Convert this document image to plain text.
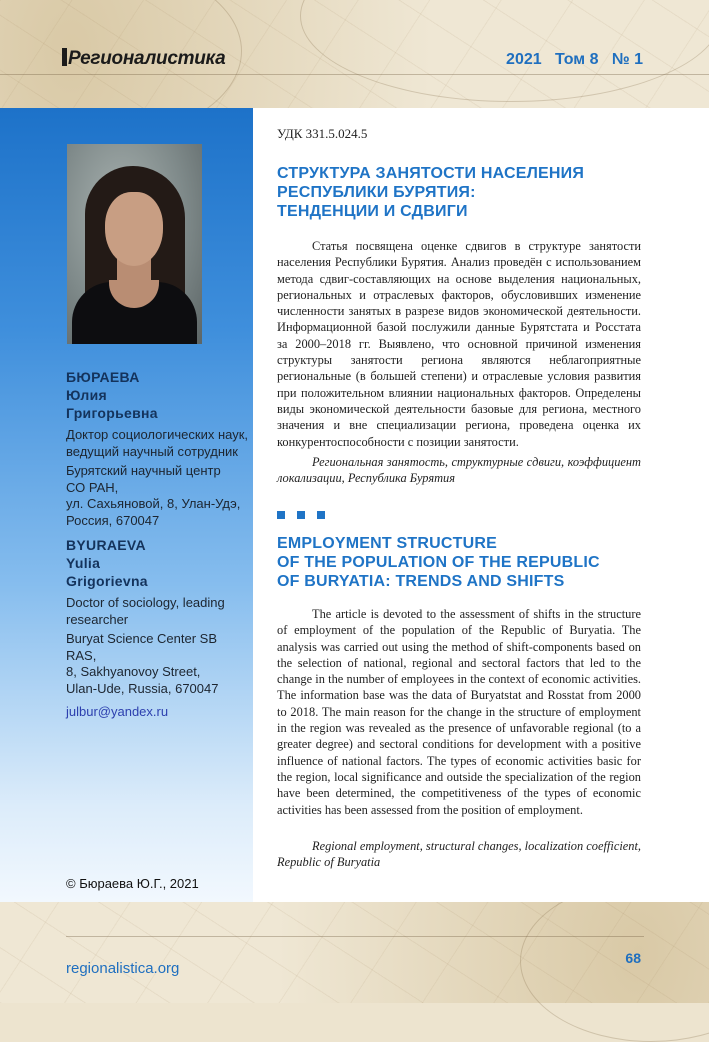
Регионалистика	2021   Том 8   № 1
БЮРАЕВА
Юлия
Григорьевна
Доктор социологических наук, ведущий научный сотрудник
Бурятский научный центр
СО РАН,
ул. Сахьяновой, 8, Улан-Удэ,
Россия, 670047
BYURAEVA
Yulia
Grigorievna
Doctor of sociology, leading
researcher
Buryat Science Center SB
RAS,
8, Sakhyanovoy Street,
Ulan-Ude, Russia, 670047
julbur@yandex.ru
© Бюраева Ю.Г., 2021
УДК 331.5.024.5
СТРУКТУРА ЗАНЯТОСТИ НАСЕЛЕНИЯ
РЕСПУБЛИКИ БУРЯТИЯ:
ТЕНДЕНЦИИ И СДВИГИ

Статья посвящена оценке сдвигов в структуре занятости населения Республики Бурятия. Анализ проведён с использованием метода сдвиг-составляющих на основе выделения национальных, региональных и отраслевых факторов, обусловивших изменение численности занятых в разрезе видов экономической деятельности. Информационной базой послужили данные Бурятстата и Росстата за 2000–2018 гг. Выявлено, что основной причиной изменения структуры занятости региона являются неблагоприятные региональные (в большей степени) и отраслевые условия развития при положительном влиянии национальных факторов. Определены виды экономической деятельности базовые для региона, местного значения и вне специализации региона, проведена оценка их конкурентоспособности с позиции занятости.

Региональная занятость, структурные сдвиги, коэффициент локализации, Республика Бурятия

EMPLOYMENT STRUCTURE
OF THE POPULATION OF THE REPUBLIC
OF BURYATIA: TRENDS AND SHIFTS

The article is devoted to the assessment of shifts in the structure of employment of the population of the Republic of Buryatia. The analysis was carried out using the method of shift-components based on the selection of national, regional and sectoral factors that led to the change in the number of employees in the context of economic activities. The information base was the data of Buryatstat and Rosstat from 2000 to 2018. The main reason for the change in the structure of employment in the region was revealed as the presence of unfavorable regional (to a greater degree) and sectoral conditions for development with a positive influence of national factors. The types of economic activities basic for the region, local significance and outside the specialization of the region have been determined, the competitiveness of the types of economic activities has been assessed from the position of employment.

Regional employment, structural changes, localization coefficient, Republic of Buryatia

regionalistica.org
68
